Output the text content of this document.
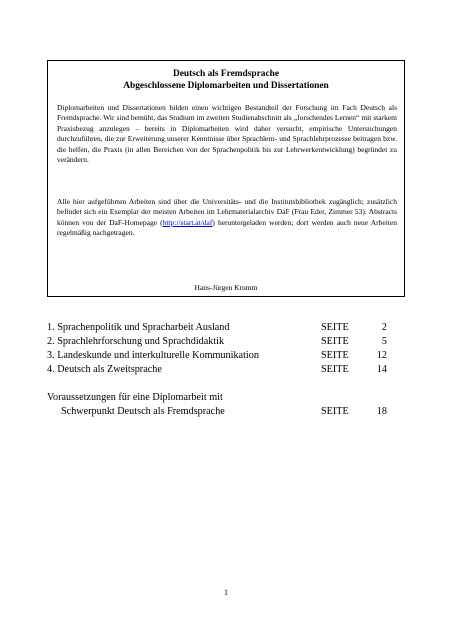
Deutsch als Fremdsprache
Abgeschlossene Diplomarbeiten und Dissertationen
Diplomarbeiten und Dissertationen bilden einen wichtigen Bestandteil der Forschung im Fach Deutsch als Fremdsprache. Wir sind bemüht, das Studium im zweiten Studienabschnitt als „forschendes Lernen“ mit starkem Praxisbezug anzulegen – bereits in Diplomarbeiten wird daher versucht, empirische Untersuchungen durchzuführen, die zur Erweiterung unserer Kenntnisse über Sprachlern- und Sprachlehrprozesse beitragen bzw. die helfen, die Praxis (in allen Bereichen von der Sprachenpolitik bis zur Lehrwerkentwicklung) begründet zu verändern.
Alle hier aufgeführten Arbeiten sind über die Universitäts- und die Institutsbibliothek zugänglich; zusätzlich befindet sich ein Exemplar der meisten Arbeiten im Lehrmaterialarchiv DaF (Frau Eder, Zimmer 53). Abstracts können von der DaF-Homepage (http://start.at/daf) heruntergeladen werden; dort werden auch neue Arbeiten regelmäßig nachgetragen.
Hans-Jürgen Krumm
1. Sprachenpolitik und Spracharbeit Ausland	SEITE	2
2. Sprachlehrforschung und Sprachdidaktik	SEITE	5
3. Landeskunde und interkulturelle Kommunikation	SEITE	12
4. Deutsch als Zweitsprache	SEITE	14
Voraussetzungen für eine Diplomarbeit mit
Schwerpunkt Deutsch als Fremdsprache	SEITE	18
1
